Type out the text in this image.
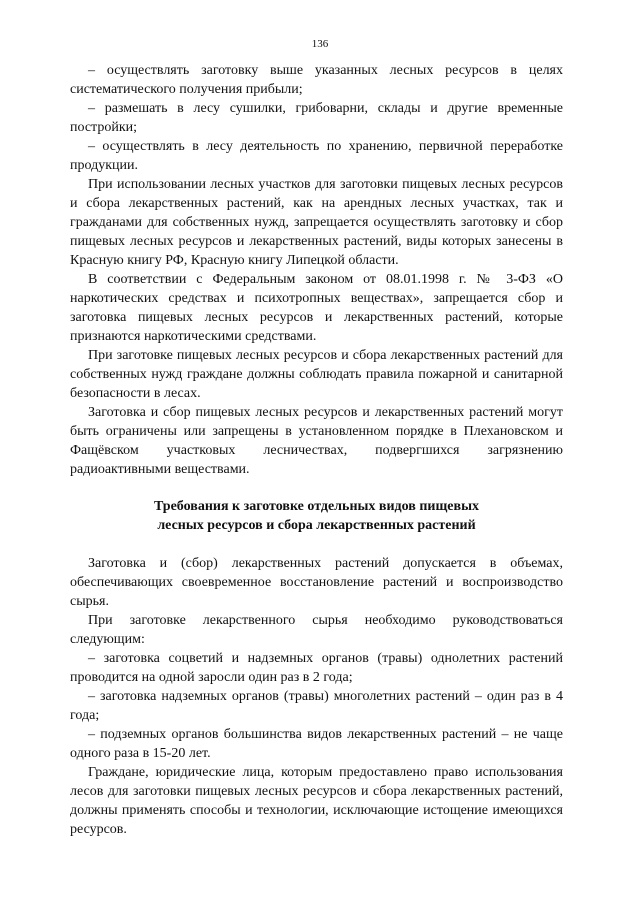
136

– осуществлять заготовку выше указанных лесных ресурсов в целях систематического получения прибыли;

– размешать в лесу сушилки, грибоварни, склады и другие временные постройки;

– осуществлять в лесу деятельность по хранению, первичной переработке продукции.

При использовании лесных участков для заготовки пищевых лесных ресурсов и сбора лекарственных растений, как на арендных лесных участках, так и гражданами для собственных нужд, запрещается осуществлять заготовку и сбор пищевых лесных ресурсов и лекарственных растений, виды которых занесены в Красную книгу РФ, Красную книгу Липецкой области.

В соответствии с Федеральным законом от 08.01.1998 г. № 3-ФЗ «О наркотических средствах и психотропных веществах», запрещается сбор и заготовка пищевых лесных ресурсов и лекарственных растений, которые признаются наркотическими средствами.

При заготовке пищевых лесных ресурсов и сбора лекарственных растений для собственных нужд граждане должны соблюдать правила пожарной и санитарной безопасности в лесах.

Заготовка и сбор пищевых лесных ресурсов и лекарственных растений могут быть ограничены или запрещены в установленном порядке в Плехановском и Фащёвском участковых лесничествах, подвергшихся загрязнению радиоактивными веществами.

Требования к заготовке отдельных видов пищевых
лесных ресурсов и сбора лекарственных растений

Заготовка и (сбор) лекарственных растений допускается в объемах, обеспечивающих своевременное восстановление растений и воспроизводство сырья.

При заготовке лекарственного сырья необходимо руководствоваться следующим:

– заготовка соцветий и надземных органов (травы) однолетних растений проводится на одной заросли один раз в 2 года;

– заготовка надземных органов (травы) многолетних растений – один раз в 4 года;

– подземных органов большинства видов лекарственных растений – не чаще одного раза в 15-20 лет.

Граждане, юридические лица, которым предоставлено право использования лесов для заготовки пищевых лесных ресурсов и сбора лекарственных растений, должны применять способы и технологии, исключающие истощение имеющихся ресурсов.
